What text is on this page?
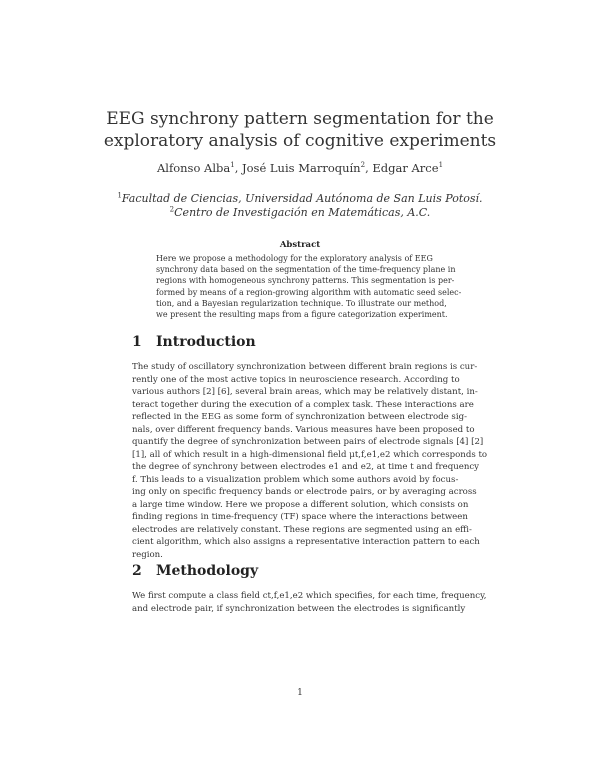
EEG synchrony pattern segmentation for the
exploratory analysis of cognitive experiments
Alfonso Alba$^1$, José Luis Marroquín$^2$, Edgar Arce$^1$
$^1$Facultad de Ciencias, Universidad Autónoma de San Luis Potosí.
$^2$Centro de Investigación en Matemáticas, A.C.
Abstract
Here we propose a methodology for the exploratory analysis of EEG
synchrony data based on the segmentation of the time-frequency plane in
regions with homogeneous synchrony patterns. This segmentation is per-
formed by means of a region-growing algorithm with automatic seed selec-
tion, and a Bayesian regularization technique. To illustrate our method,
we present the resulting maps from a figure categorization experiment.
1 Introduction
The study of oscillatory synchronization between different brain regions is cur-
rently one of the most active topics in neuroscience research. According to
various authors [2] [6], several brain areas, which may be relatively distant, in-
teract together during the execution of a complex task. These interactions are
reflected in the EEG as some form of synchronization between electrode sig-
nals, over different frequency bands. Various measures have been proposed to
quantify the degree of synchronization between pairs of electrode signals [4] [2]
[1], all of which result in a high-dimensional field μt,f,e1,e2 which corresponds to
the degree of synchrony between electrodes e1 and e2, at time t and frequency
f. This leads to a visualization problem which some authors avoid by focus-
ing only on specific frequency bands or electrode pairs, or by averaging across
a large time window. Here we propose a different solution, which consists on
finding regions in time-frequency (TF) space where the interactions between
electrodes are relatively constant. These regions are segmented using an effi-
cient algorithm, which also assigns a representative interaction pattern to each
region.
2 Methodology
We first compute a class field ct,f,e1,e2 which specifies, for each time, frequency,
and electrode pair, if synchronization between the electrodes is significantly
1
